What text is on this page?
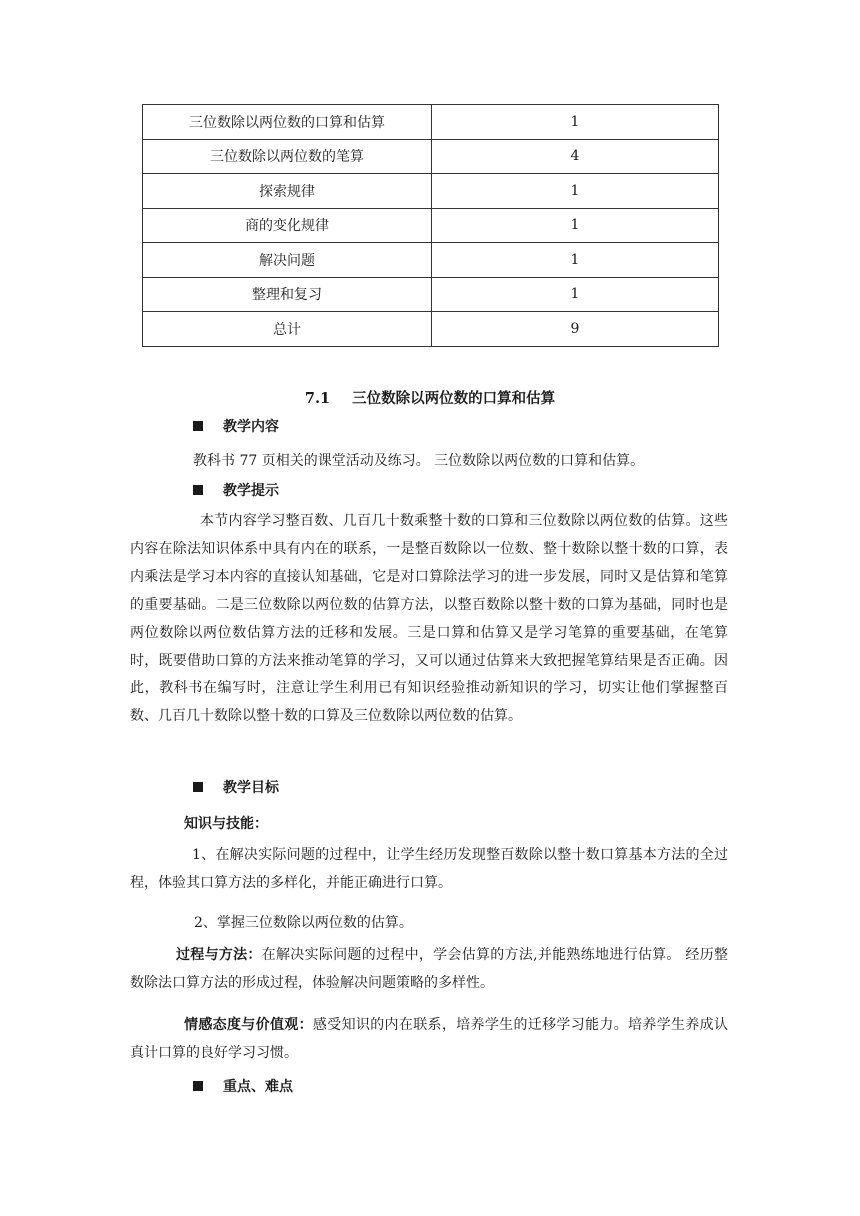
三位数除以两位数的口算和估算	1
三位数除以两位数的笔算	4
探索规律	1
商的变化规律	1
解决问题	1
整理和复习	1
总计	9
7.1 三位数除以两位数的口算和估算
教学内容
教科书 77 页相关的课堂活动及练习。 三位数除以两位数的口算和估算。
教学提示
本节内容学习整百数、几百几十数乘整十数的口算和三位数除以两位数的估算。这些内容在除法知识体系中具有内在的联系，一是整百数除以一位数、整十数除以整十数的口算，表内乘法是学习本内容的直接认知基础，它是对口算除法学习的进一步发展，同时又是估算和笔算的重要基础。二是三位数除以两位数的估算方法，以整百数除以整十数的口算为基础，同时也是两位数除以两位数估算方法的迁移和发展。三是口算和估算又是学习笔算的重要基础，在笔算时，既要借助口算的方法来推动笔算的学习，又可以通过估算来大致把握笔算结果是否正确。因此，教科书在编写时，注意让学生利用已有知识经验推动新知识的学习，切实让他们掌握整百数、几百几十数除以整十数的口算及三位数除以两位数的估算。
教学目标
知识与技能：
1、在解决实际问题的过程中，让学生经历发现整百数除以整十数口算基本方法的全过程，体验其口算方法的多样化，并能正确进行口算。
2、掌握三位数除以两位数的估算。
过程与方法：在解决实际问题的过程中，学会估算的方法,并能熟练地进行估算。 经历整数除法口算方法的形成过程，体验解决问题策略的多样性。
情感态度与价值观：感受知识的内在联系，培养学生的迁移学习能力。培养学生养成认真计口算的良好学习习惯。
重点、难点
